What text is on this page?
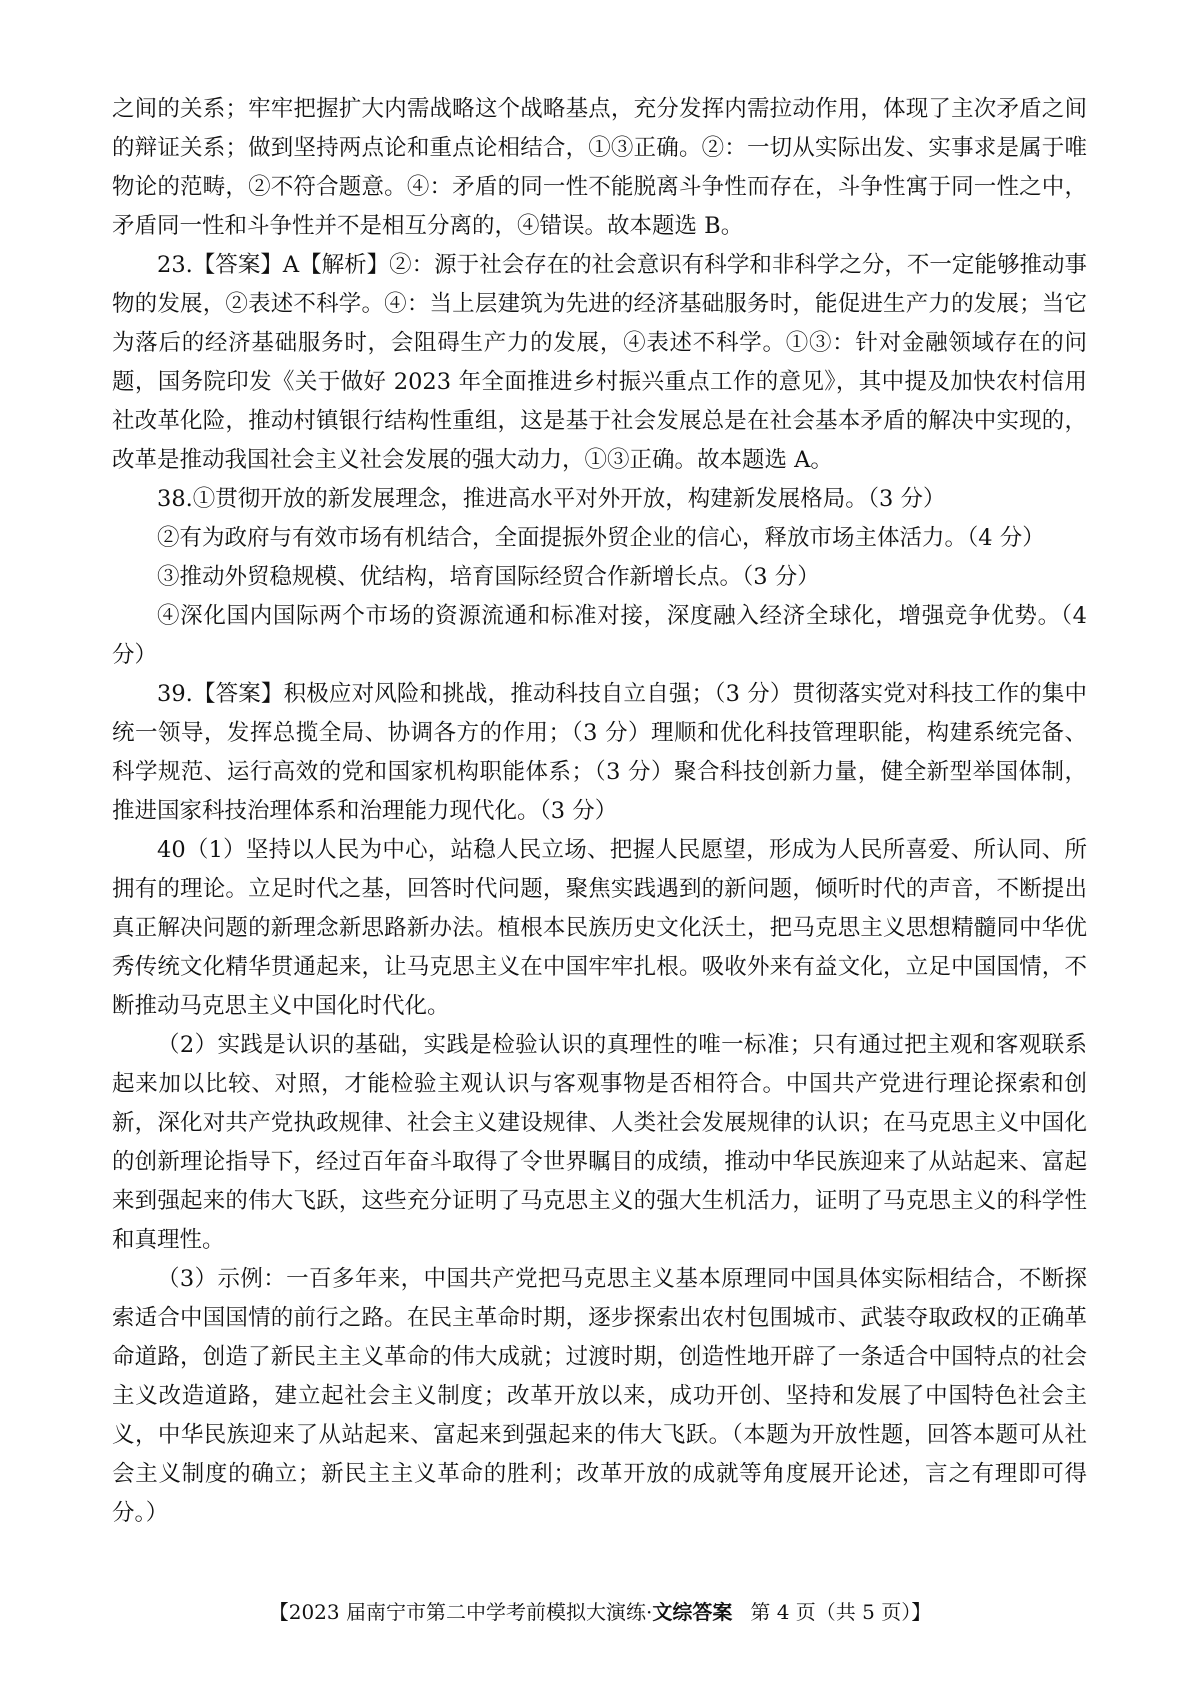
之间的关系；牢牢把握扩大内需战略这个战略基点，充分发挥内需拉动作用，体现了主次矛盾之间的辩证关系；做到坚持两点论和重点论相结合，①③正确。②：一切从实际出发、实事求是属于唯物论的范畴，②不符合题意。④：矛盾的同一性不能脱离斗争性而存在，斗争性寓于同一性之中，矛盾同一性和斗争性并不是相互分离的，④错误。故本题选 B。

23.【答案】A【解析】②：源于社会存在的社会意识有科学和非科学之分，不一定能够推动事物的发展，②表述不科学。④：当上层建筑为先进的经济基础服务时，能促进生产力的发展；当它为落后的经济基础服务时，会阻碍生产力的发展，④表述不科学。①③：针对金融领域存在的问题，国务院印发《关于做好 2023 年全面推进乡村振兴重点工作的意见》，其中提及加快农村信用社改革化险，推动村镇银行结构性重组，这是基于社会发展总是在社会基本矛盾的解决中实现的，改革是推动我国社会主义社会发展的强大动力，①③正确。故本题选 A。

38.①贯彻开放的新发展理念，推进高水平对外开放，构建新发展格局。（3 分）

②有为政府与有效市场有机结合，全面提振外贸企业的信心，释放市场主体活力。（4 分）

③推动外贸稳规模、优结构，培育国际经贸合作新增长点。（3 分）

④深化国内国际两个市场的资源流通和标准对接，深度融入经济全球化，增强竞争优势。（4分）

39.【答案】积极应对风险和挑战，推动科技自立自强；（3 分）贯彻落实党对科技工作的集中统一领导，发挥总揽全局、协调各方的作用；（3 分）理顺和优化科技管理职能，构建系统完备、科学规范、运行高效的党和国家机构职能体系；（3 分）聚合科技创新力量，健全新型举国体制，推进国家科技治理体系和治理能力现代化。（3 分）

40（1）坚持以人民为中心，站稳人民立场、把握人民愿望，形成为人民所喜爱、所认同、所拥有的理论。立足时代之基，回答时代问题，聚焦实践遇到的新问题，倾听时代的声音，不断提出真正解决问题的新理念新思路新办法。植根本民族历史文化沃土，把马克思主义思想精髓同中华优秀传统文化精华贯通起来，让马克思主义在中国牢牢扎根。吸收外来有益文化，立足中国国情，不断推动马克思主义中国化时代化。

（2）实践是认识的基础，实践是检验认识的真理性的唯一标准；只有通过把主观和客观联系起来加以比较、对照，才能检验主观认识与客观事物是否相符合。中国共产党进行理论探索和创新，深化对共产党执政规律、社会主义建设规律、人类社会发展规律的认识；在马克思主义中国化的创新理论指导下，经过百年奋斗取得了令世界瞩目的成绩，推动中华民族迎来了从站起来、富起来到强起来的伟大飞跃，这些充分证明了马克思主义的强大生机活力，证明了马克思主义的科学性和真理性。

（3）示例：一百多年来，中国共产党把马克思主义基本原理同中国具体实际相结合，不断探索适合中国国情的前行之路。在民主革命时期，逐步探索出农村包围城市、武装夺取政权的正确革命道路，创造了新民主主义革命的伟大成就；过渡时期，创造性地开辟了一条适合中国特点的社会主义改造道路，建立起社会主义制度；改革开放以来，成功开创、坚持和发展了中国特色社会主义，中华民族迎来了从站起来、富起来到强起来的伟大飞跃。（本题为开放性题，回答本题可从社会主义制度的确立；新民主主义革命的胜利；改革开放的成就等角度展开论述，言之有理即可得分。）

【2023 届南宁市第二中学考前模拟大演练·文综答案 第 4 页（共 5 页）】
